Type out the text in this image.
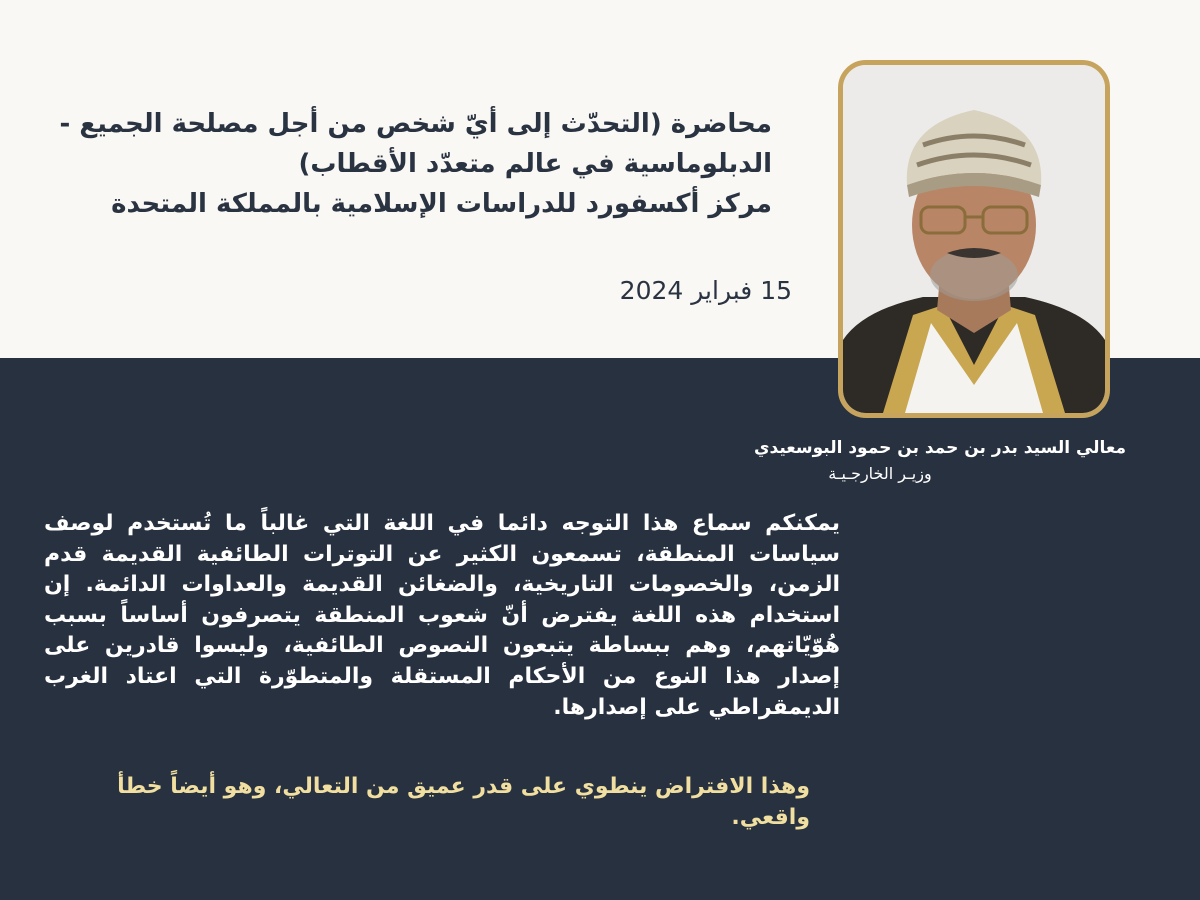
محاضرة (التحدّث إلى أيّ شخص من أجل مصلحة الجميع -
الدبلوماسية في عالم متعدّد الأقطاب)
مركز أكسفورد للدراسات الإسلامية بالمملكة المتحدة
15 فبراير 2024
معالي السيد بدر بن حمد بن حمود البوسعيدي
وزيـر الخارجـيـة

يمكنكم سماع هذا التوجه دائما في اللغة التي غالباً ما تُستخدم لوصف سياسات المنطقة، تسمعون الكثير عن التوترات الطائفية القديمة قدم الزمن، والخصومات التاريخية، والضغائن القديمة والعداوات الدائمة. إن استخدام هذه اللغة يفترض أنّ شعوب المنطقة يتصرفون أساساً بسبب هُوّيّاتهم، وهم ببساطة يتبعون النصوص الطائفية، وليسوا قادرين على إصدار هذا النوع من الأحكام المستقلة والمتطوّرة التي اعتاد الغرب الديمقراطي على إصدارها.

وهذا الافتراض ينطوي على قدر عميق من التعالي، وهو أيضاً خطأ واقعي.
